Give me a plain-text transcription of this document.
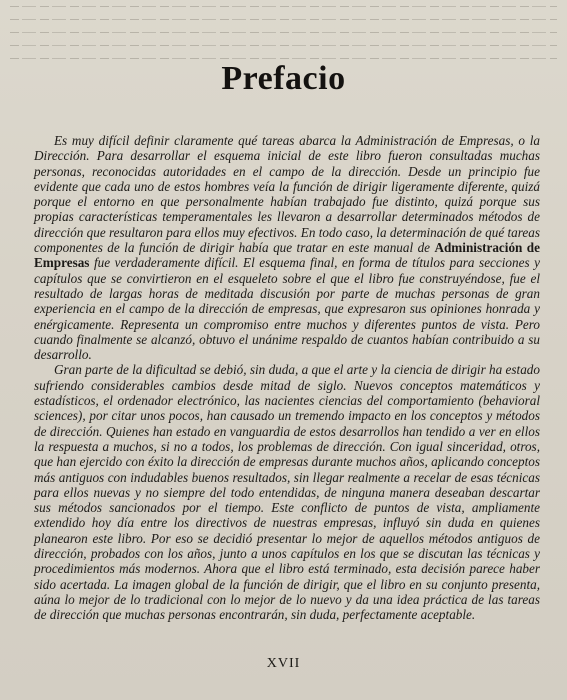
Prefacio

Es muy difícil definir claramente qué tareas abarca la Administración de Empresas, o la Dirección. Para desarrollar el esquema inicial de este libro fueron consultadas muchas personas, reconocidas autoridades en el campo de la dirección. Desde un principio fue evidente que cada uno de estos hombres veía la función de dirigir ligeramente diferente, quizá porque el entorno en que personalmente habían trabajado fue distinto, quizá porque sus propias características temperamentales les llevaron a desarrollar determinados métodos de dirección que resultaron para ellos muy efectivos. En todo caso, la determinación de qué tareas componentes de la función de dirigir había que tratar en este manual de Administración de Empresas fue verdaderamente difícil. El esquema final, en forma de títulos para secciones y capítulos que se convirtieron en el esqueleto sobre el que el libro fue construyéndose, fue el resultado de largas horas de meditada discusión por parte de muchas personas de gran experiencia en el campo de la dirección de empresas, que expresaron sus opiniones honrada y enérgicamente. Representa un compromiso entre muchos y diferentes puntos de vista. Pero cuando finalmente se alcanzó, obtuvo el unánime respaldo de cuantos habían contribuido a su desarrollo.

Gran parte de la dificultad se debió, sin duda, a que el arte y la ciencia de dirigir ha estado sufriendo considerables cambios desde mitad de siglo. Nuevos conceptos matemáticos y estadísticos, el ordenador electrónico, las nacientes ciencias del comportamiento (behavioral sciences), por citar unos pocos, han causado un tremendo impacto en los conceptos y métodos de dirección. Quienes han estado en vanguardia de estos desarrollos han tendido a ver en ellos la respuesta a muchos, si no a todos, los problemas de dirección. Con igual sinceridad, otros, que han ejercido con éxito la dirección de empresas durante muchos años, aplicando conceptos más antiguos con indudables buenos resultados, sin llegar realmente a recelar de esas técnicas para ellos nuevas y no siempre del todo entendidas, de ninguna manera deseaban descartar sus métodos sancionados por el tiempo. Este conflicto de puntos de vista, ampliamente extendido hoy día entre los directivos de nuestras empresas, influyó sin duda en quienes planearon este libro. Por eso se decidió presentar lo mejor de aquellos métodos antiguos de dirección, probados con los años, junto a unos capítulos en los que se discutan las técnicas y procedimientos más modernos. Ahora que el libro está terminado, esta decisión parece haber sido acertada. La imagen global de la función de dirigir, que el libro en su conjunto presenta, aúna lo mejor de lo tradicional con lo mejor de lo nuevo y da una idea práctica de las tareas de dirección que muchas personas encontrarán, sin duda, perfectamente aceptable.

XVII
